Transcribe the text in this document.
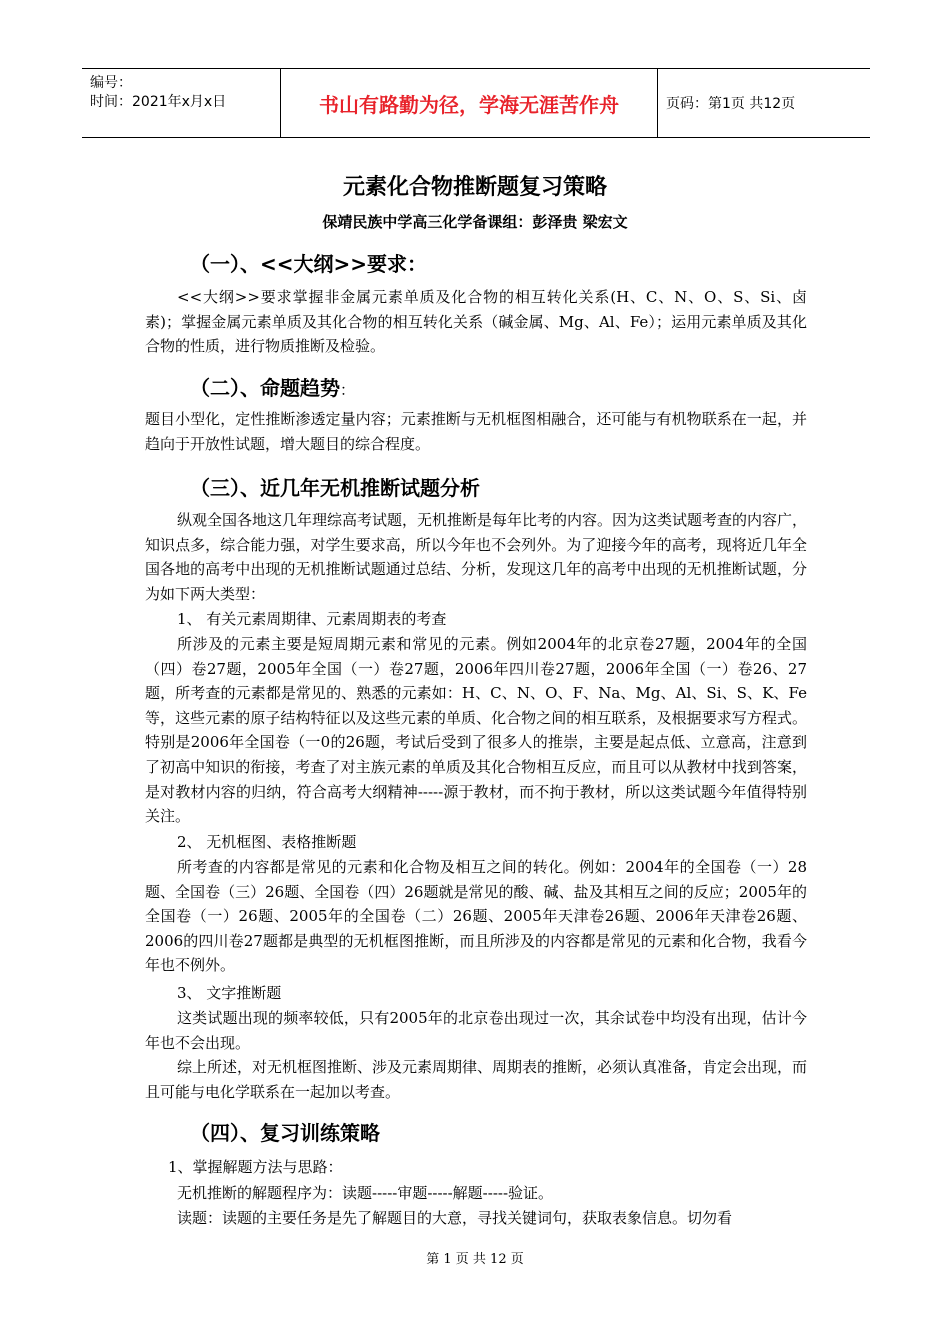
编号：
时间：2021年x月x日	书山有路勤为径，学海无涯苦作舟	页码：第1页 共12页
元素化合物推断题复习策略
保靖民族中学高三化学备课组：彭泽贵 梁宏文
（一）、<<大纲>>要求：

<<大纲>>要求掌握非金属元素单质及化合物的相互转化关系(H、C、N、O、S、Si、卤素)；掌握金属元素单质及其化合物的相互转化关系（碱金属、Mg、Al、Fe）；运用元素单质及其化合物的性质，进行物质推断及检验。

（二）、命题趋势：

题目小型化，定性推断渗透定量内容；元素推断与无机框图相融合，还可能与有机物联系在一起，并趋向于开放性试题，增大题目的综合程度。

（三）、近几年无机推断试题分析

纵观全国各地这几年理综高考试题，无机推断是每年比考的内容。因为这类试题考查的内容广，知识点多，综合能力强，对学生要求高，所以今年也不会列外。为了迎接今年的高考，现将近几年全国各地的高考中出现的无机推断试题通过总结、分析，发现这几年的高考中出现的无机推断试题，分为如下两大类型：

1、 有关元素周期律、元素周期表的考查

所涉及的元素主要是短周期元素和常见的元素。例如2004年的北京卷27题，2004年的全国（四）卷27题，2005年全国（一）卷27题，2006年四川卷27题，2006年全国（一）卷26、27题，所考查的元素都是常见的、熟悉的元素如：H、C、N、O、F、Na、Mg、Al、Si、S、K、Fe等，这些元素的原子结构特征以及这些元素的单质、化合物之间的相互联系，及根据要求写方程式。特别是2006年全国卷（一0的26题，考试后受到了很多人的推崇，主要是起点低、立意高，注意到了初高中知识的衔接，考查了对主族元素的单质及其化合物相互反应，而且可以从教材中找到答案，是对教材内容的归纳，符合高考大纲精神-----源于教材，而不拘于教材，所以这类试题今年值得特别关注。

2、 无机框图、表格推断题

所考查的内容都是常见的元素和化合物及相互之间的转化。例如：2004年的全国卷（一）28题、全国卷（三）26题、全国卷（四）26题就是常见的酸、碱、盐及其相互之间的反应；2005年的全国卷（一）26题、2005年的全国卷（二）26题、2005年天津卷26题、2006年天津卷26题、2006的四川卷27题都是典型的无机框图推断，而且所涉及的内容都是常见的元素和化合物，我看今年也不例外。

3、 文字推断题

这类试题出现的频率较低，只有2005年的北京卷出现过一次，其余试卷中均没有出现，估计今年也不会出现。

综上所述，对无机框图推断、涉及元素周期律、周期表的推断，必须认真准备，肯定会出现，而且可能与电化学联系在一起加以考查。

（四）、复习训练策略
1、掌握解题方法与思路：
无机推断的解题程序为：读题-----审题-----解题-----验证。
读题：读题的主要任务是先了解题目的大意，寻找关键词句，获取表象信息。切勿看
第 1 页 共 12 页
